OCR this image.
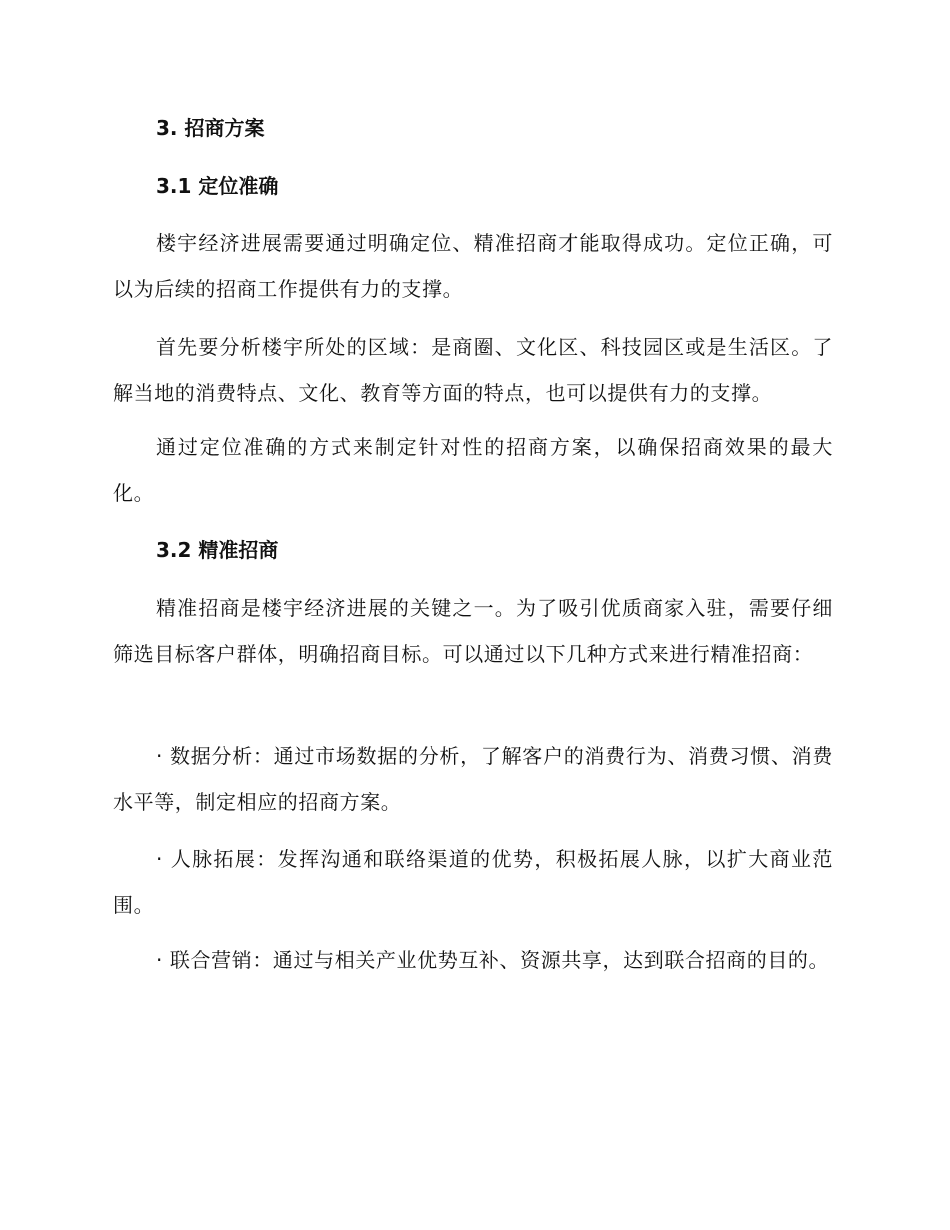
3. 招商方案
3.1 定位准确

楼宇经济进展需要通过明确定位、精准招商才能取得成功。定位正确，可以为后续的招商工作提供有力的支撑。

首先要分析楼宇所处的区域：是商圈、文化区、科技园区或是生活区。了解当地的消费特点、文化、教育等方面的特点，也可以提供有力的支撑。

通过定位准确的方式来制定针对性的招商方案，以确保招商效果的最大化。

3.2 精准招商

精准招商是楼宇经济进展的关键之一。为了吸引优质商家入驻，需要仔细筛选目标客户群体，明确招商目标。可以通过以下几种方式来进行精准招商：

· 数据分析：通过市场数据的分析，了解客户的消费行为、消费习惯、消费水平等，制定相应的招商方案。

· 人脉拓展：发挥沟通和联络渠道的优势，积极拓展人脉，以扩大商业范围。

· 联合营销：通过与相关产业优势互补、资源共享，达到联合招商的目的。
